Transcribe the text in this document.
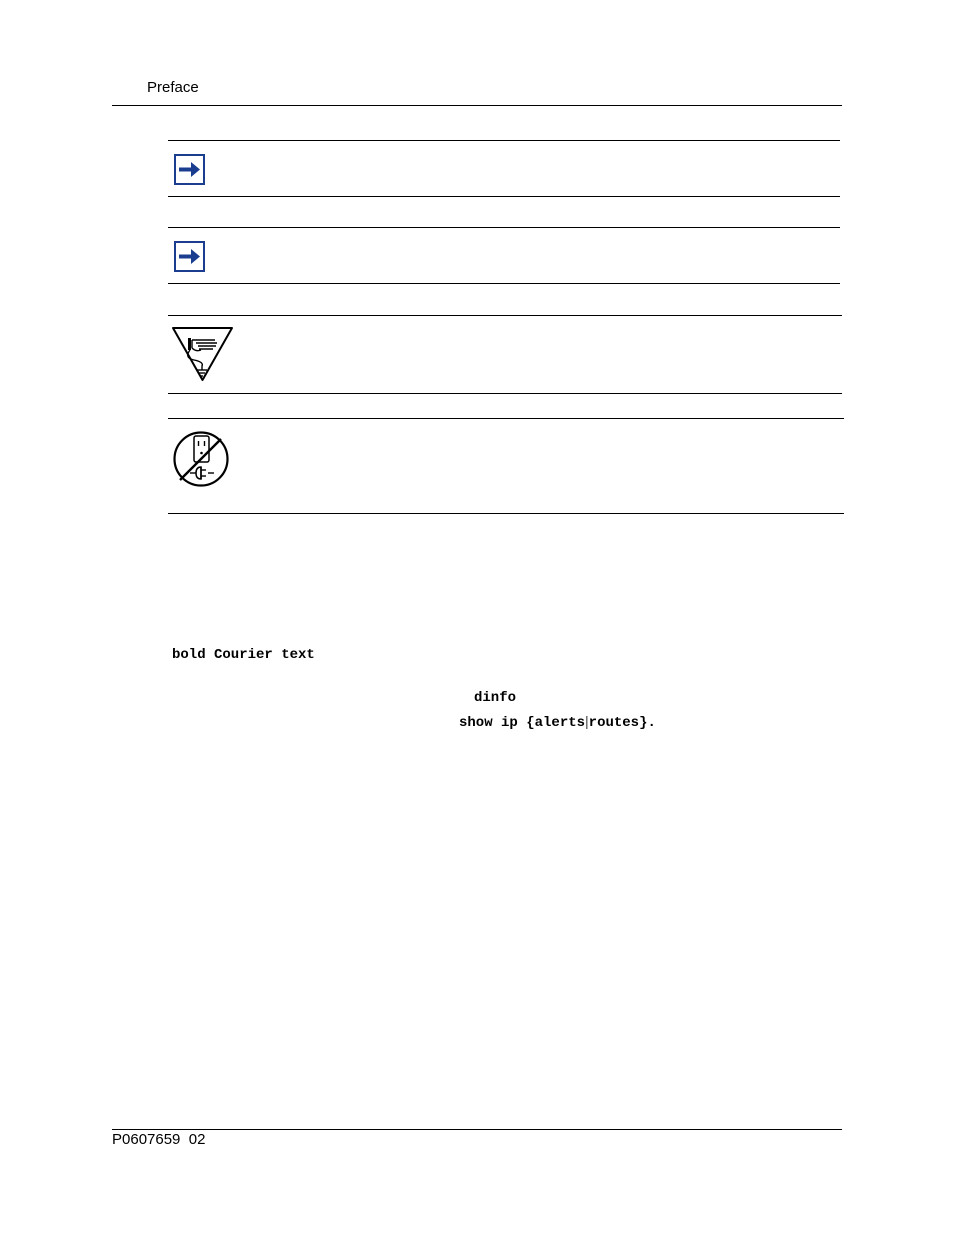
Preface
bold Courier text
dinfo
show ip {alerts|routes}.
P0607659 02
